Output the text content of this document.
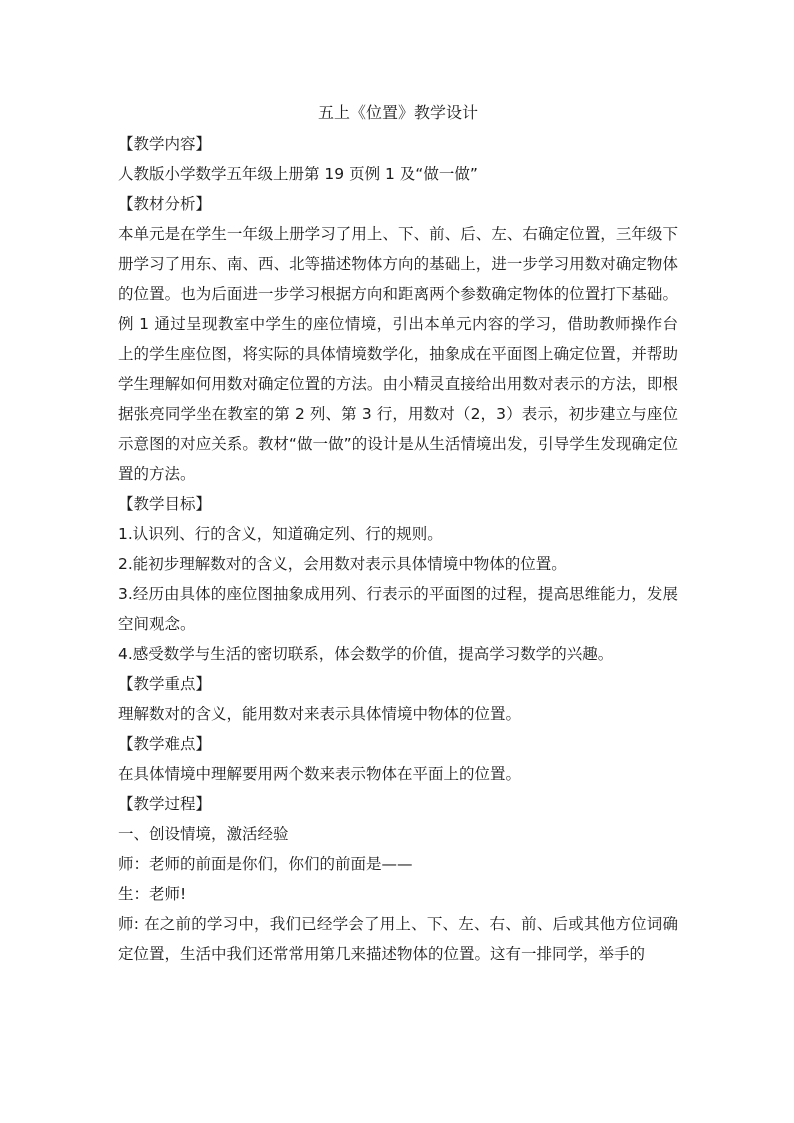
五上《位置》教学设计

【教学内容】

人教版小学数学五年级上册第 19 页例 1 及“做一做”

【教材分析】

本单元是在学生一年级上册学习了用上、下、前、后、左、右确定位置，三年级下册学习了用东、南、西、北等描述物体方向的基础上，进一步学习用数对确定物体的位置。也为后面进一步学习根据方向和距离两个参数确定物体的位置打下基础。例 1 通过呈现教室中学生的座位情境，引出本单元内容的学习，借助教师操作台上的学生座位图，将实际的具体情境数学化，抽象成在平面图上确定位置，并帮助学生理解如何用数对确定位置的方法。由小精灵直接给出用数对表示的方法，即根据张亮同学坐在教室的第 2 列、第 3 行，用数对（2，3）表示，初步建立与座位示意图的对应关系。教材“做一做”的设计是从生活情境出发，引导学生发现确定位置的方法。

【教学目标】

1.认识列、行的含义，知道确定列、行的规则。

2.能初步理解数对的含义，会用数对表示具体情境中物体的位置。

3.经历由具体的座位图抽象成用列、行表示的平面图的过程，提高思维能力，发展空间观念。

4.感受数学与生活的密切联系，体会数学的价值，提高学习数学的兴趣。

【教学重点】

理解数对的含义，能用数对来表示具体情境中物体的位置。

【教学难点】

在具体情境中理解要用两个数来表示物体在平面上的位置。

【教学过程】

一、创设情境，激活经验

师：老师的前面是你们，你们的前面是——

生：老师!

师: 在之前的学习中，我们已经学会了用上、下、左、右、前、后或其他方位词确定位置，生活中我们还常常用第几来描述物体的位置。这有一排同学，举手的
